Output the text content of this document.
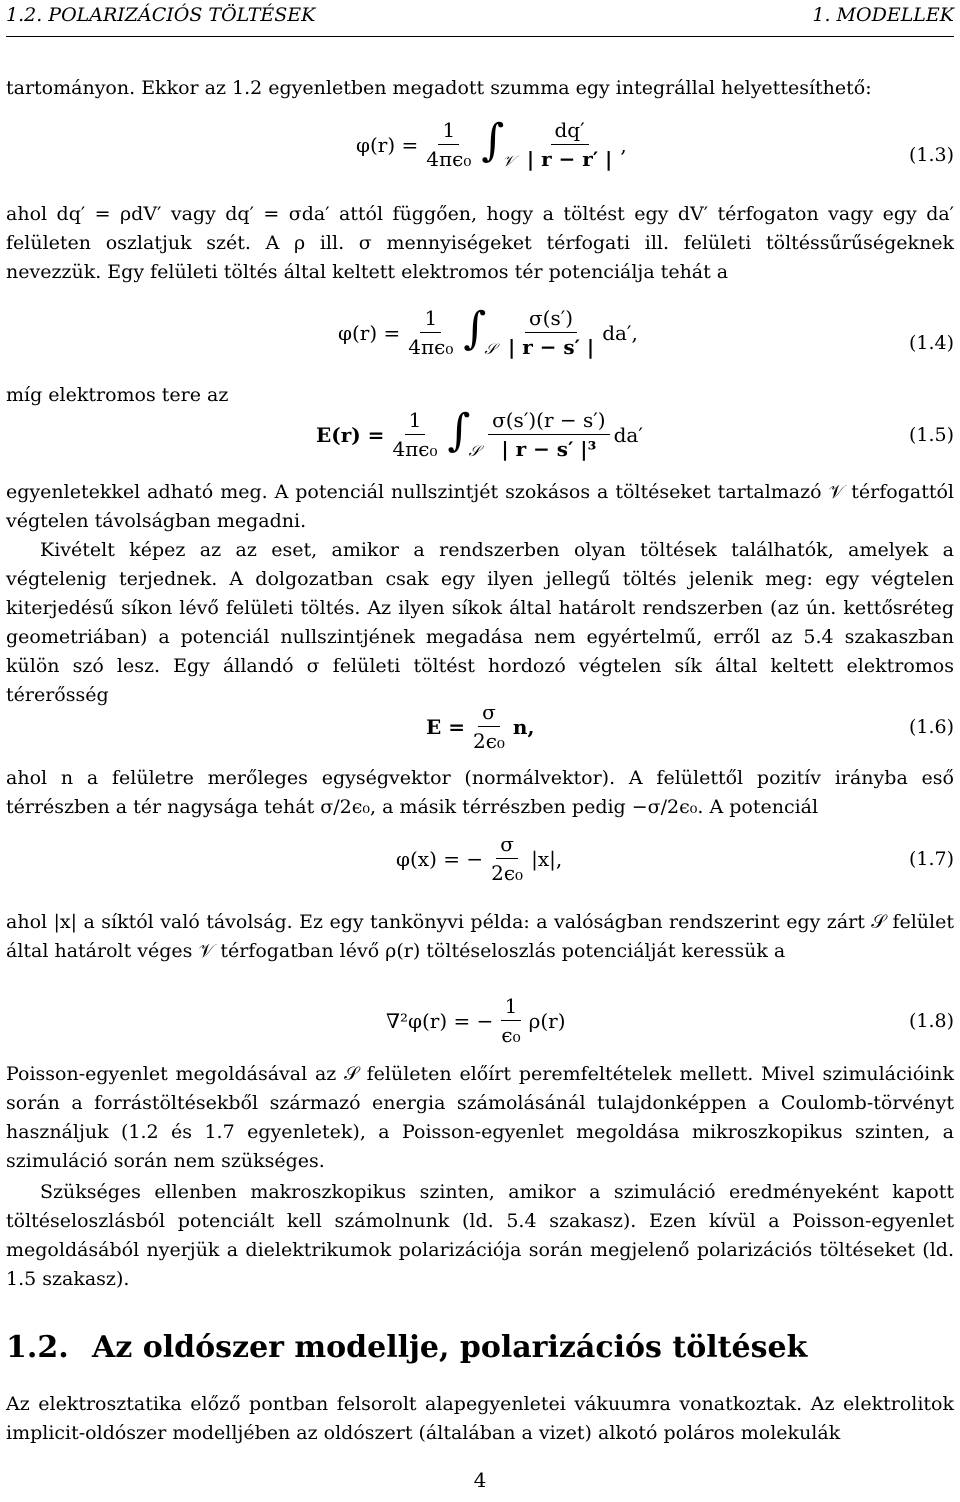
1.2. POLARIZÁCIÓS TÖLTÉSEK	1. MODELLEK
tartományon. Ekkor az 1.2 egyenletben megadott szumma egy integrállal helyettesíthető:
$\varphi(r) = \frac{1}{\text{4πϵ₀}}$ ∫
𝒱 $\frac{dq'}{| r - r' |}$ ,	(1.3)
ahol dq′ = ρdV′ vagy dq′ = σda′ attól függően, hogy a töltést egy dV′ térfogaton vagy egy da′ felületen oszlatjuk szét. A ρ ill. σ mennyiségeket térfogati ill. felületi töltéssűrűségeknek nevezzük. Egy felületi töltés által keltett elektromos tér potenciálja tehát a
$\varphi(r) = \frac{1}{\text{4πϵ₀}}$ ∫
𝒮 $\frac{\sigma(s')}{| r - s' |} da'$,	(1.4)
míg elektromos tere az
$E(r) = \frac{1}{\text{4πϵ₀}}$ ∫
𝒮 $\frac{\sigma(s')(r - s')}{\text{| r − s′ |³}} da'$	(1.5)
egyenletekkel adható meg. A potenciál nullszintjét szokásos a töltéseket tartalmazó 𝒱 térfogattól végtelen távolságban megadni.
Kivételt képez az az eset, amikor a rendszerben olyan töltések találhatók, amelyek a végtelenig terjednek. A dolgozatban csak egy ilyen jellegű töltés jelenik meg: egy végtelen kiterjedésű síkon lévő felületi töltés. Az ilyen síkok által határolt rendszerben (az ún. kettősréteg geometriában) a potenciál nullszintjének megadása nem egyértelmű, erről az 5.4 szakaszban külön szó lesz. Egy állandó σ felületi töltést hordozó végtelen sík által keltett elektromos térerősség
$E = \frac{\sigma}{\text{2ϵ₀}} n$,	(1.6)
ahol n a felületre merőleges egységvektor (normálvektor). A felülettől pozitív irányba eső térrészben a tér nagysága tehát σ/2ϵ₀, a másik térrészben pedig −σ/2ϵ₀. A potenciál
φ(x) = − $\frac{\sigma}{\text{2ϵ₀}} |x|$,	(1.7)
ahol |x| a síktól való távolság. Ez egy tankönyvi példa: a valóságban rendszerint egy zárt 𝒮 felület által határolt véges 𝒱 térfogatban lévő ρ(r) töltéseloszlás potenciálját keressük a
∇²φ(r) = − $\frac{1}{\text{ϵ₀}} \rho(r)$	(1.8)
Poisson-egyenlet megoldásával az 𝒮 felületen előírt peremfeltételek mellett. Mivel szimulációink során a forrástöltésekből származó energia számolásánál tulajdonképpen a Coulomb-törvényt használjuk (1.2 és 1.7 egyenletek), a Poisson-egyenlet megoldása mikroszkopikus szinten, a szimuláció során nem szükséges.
Szükséges ellenben makroszkopikus szinten, amikor a szimuláció eredményeként kapott töltéseloszlásból potenciált kell számolnunk (ld. 5.4 szakasz). Ezen kívül a Poisson-egyenlet megoldásából nyerjük a dielektrikumok polarizációja során megjelenő polarizációs töltéseket (ld. 1.5 szakasz).
1.2. Az oldószer modellje, polarizációs töltések
Az elektrosztatika előző pontban felsorolt alapegyenletei vákuumra vonatkoztak. Az elektrolitok implicit-oldószer modelljében az oldószert (általában a vizet) alkotó poláros molekulák
4
